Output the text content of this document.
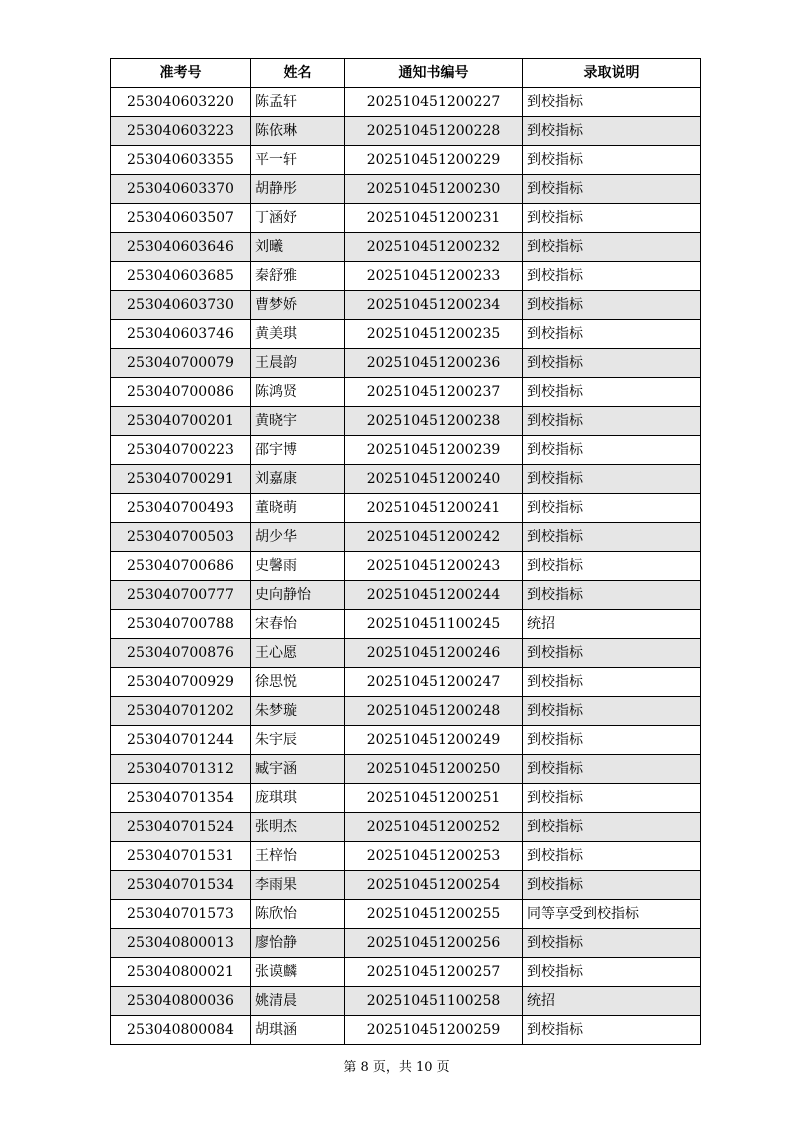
准考号	姓名	通知书编号	录取说明
253040603220	陈孟轩	202510451200227	到校指标
253040603223	陈依琳	202510451200228	到校指标
253040603355	平一轩	202510451200229	到校指标
253040603370	胡静彤	202510451200230	到校指标
253040603507	丁涵妤	202510451200231	到校指标
253040603646	刘曦	202510451200232	到校指标
253040603685	秦舒雅	202510451200233	到校指标
253040603730	曹梦娇	202510451200234	到校指标
253040603746	黄美琪	202510451200235	到校指标
253040700079	王晨韵	202510451200236	到校指标
253040700086	陈鸿贤	202510451200237	到校指标
253040700201	黄晓宇	202510451200238	到校指标
253040700223	邵宇博	202510451200239	到校指标
253040700291	刘嘉康	202510451200240	到校指标
253040700493	董晓萌	202510451200241	到校指标
253040700503	胡少华	202510451200242	到校指标
253040700686	史馨雨	202510451200243	到校指标
253040700777	史向静怡	202510451200244	到校指标
253040700788	宋春怡	202510451100245	统招
253040700876	王心愿	202510451200246	到校指标
253040700929	徐思悦	202510451200247	到校指标
253040701202	朱梦璇	202510451200248	到校指标
253040701244	朱宇辰	202510451200249	到校指标
253040701312	臧宇涵	202510451200250	到校指标
253040701354	庞琪琪	202510451200251	到校指标
253040701524	张明杰	202510451200252	到校指标
253040701531	王梓怡	202510451200253	到校指标
253040701534	李雨果	202510451200254	到校指标
253040701573	陈欣怡	202510451200255	同等享受到校指标
253040800013	廖怡静	202510451200256	到校指标
253040800021	张谟麟	202510451200257	到校指标
253040800036	姚清晨	202510451100258	统招
253040800084	胡琪涵	202510451200259	到校指标
第 8 页，共 10 页
